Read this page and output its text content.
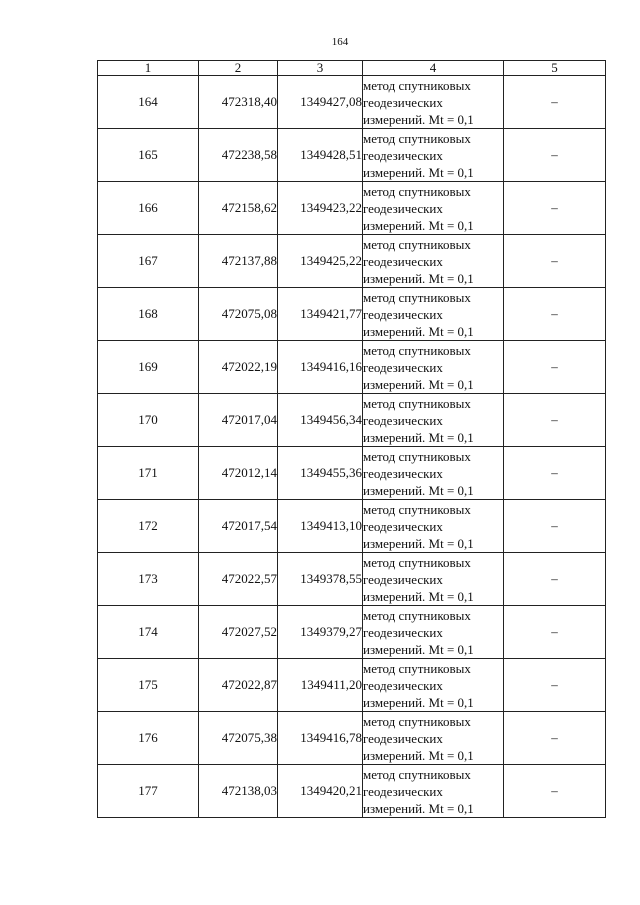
164
1	2	3	4	5
164	472318,40	1349427,08	метод спутниковых
геодезических
измерений. Mt = 0,1	–
165	472238,58	1349428,51	метод спутниковых
геодезических
измерений. Mt = 0,1	–
166	472158,62	1349423,22	метод спутниковых
геодезических
измерений. Mt = 0,1	–
167	472137,88	1349425,22	метод спутниковых
геодезических
измерений. Mt = 0,1	–
168	472075,08	1349421,77	метод спутниковых
геодезических
измерений. Mt = 0,1	–
169	472022,19	1349416,16	метод спутниковых
геодезических
измерений. Mt = 0,1	–
170	472017,04	1349456,34	метод спутниковых
геодезических
измерений. Mt = 0,1	–
171	472012,14	1349455,36	метод спутниковых
геодезических
измерений. Mt = 0,1	–
172	472017,54	1349413,10	метод спутниковых
геодезических
измерений. Mt = 0,1	–
173	472022,57	1349378,55	метод спутниковых
геодезических
измерений. Mt = 0,1	–
174	472027,52	1349379,27	метод спутниковых
геодезических
измерений. Mt = 0,1	–
175	472022,87	1349411,20	метод спутниковых
геодезических
измерений. Mt = 0,1	–
176	472075,38	1349416,78	метод спутниковых
геодезических
измерений. Mt = 0,1	–
177	472138,03	1349420,21	метод спутниковых
геодезических
измерений. Mt = 0,1	–
